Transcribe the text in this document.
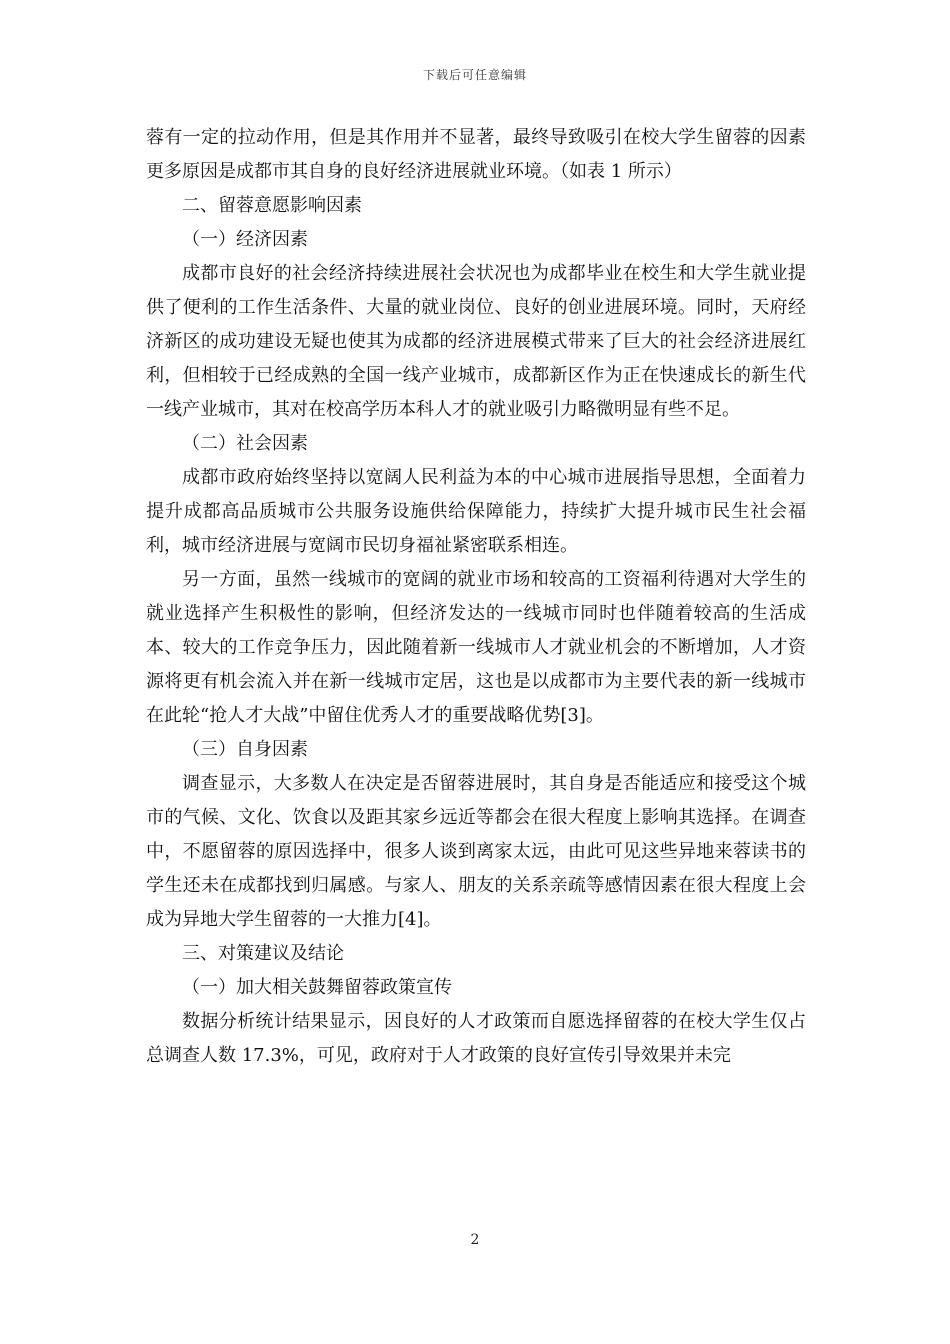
下载后可任意编辑

蓉有一定的拉动作用，但是其作用并不显著，最终导致吸引在校大学生留蓉的因素更多原因是成都市其自身的良好经济进展就业环境。（如表 1 所示）

二、留蓉意愿影响因素

（一）经济因素

成都市良好的社会经济持续进展社会状况也为成都毕业在校生和大学生就业提供了便利的工作生活条件、大量的就业岗位、良好的创业进展环境。同时，天府经济新区的成功建设无疑也使其为成都的经济进展模式带来了巨大的社会经济进展红利，但相较于已经成熟的全国一线产业城市，成都新区作为正在快速成长的新生代一线产业城市，其对在校高学历本科人才的就业吸引力略微明显有些不足。

（二）社会因素

成都市政府始终坚持以宽阔人民利益为本的中心城市进展指导思想，全面着力提升成都高品质城市公共服务设施供给保障能力，持续扩大提升城市民生社会福利，城市经济进展与宽阔市民切身福祉紧密联系相连。

另一方面，虽然一线城市的宽阔的就业市场和较高的工资福利待遇对大学生的就业选择产生积极性的影响，但经济发达的一线城市同时也伴随着较高的生活成本、较大的工作竞争压力，因此随着新一线城市人才就业机会的不断增加，人才资源将更有机会流入并在新一线城市定居，这也是以成都市为主要代表的新一线城市在此轮“抢人才大战”中留住优秀人才的重要战略优势[3]。

（三）自身因素

调查显示，大多数人在决定是否留蓉进展时，其自身是否能适应和接受这个城市的气候、文化、饮食以及距其家乡远近等都会在很大程度上影响其选择。在调查中，不愿留蓉的原因选择中，很多人谈到离家太远，由此可见这些异地来蓉读书的学生还未在成都找到归属感。与家人、朋友的关系亲疏等感情因素在很大程度上会成为异地大学生留蓉的一大推力[4]。

三、对策建议及结论

（一）加大相关鼓舞留蓉政策宣传

数据分析统计结果显示，因良好的人才政策而自愿选择留蓉的在校大学生仅占总调查人数 17.3%，可见，政府对于人才政策的良好宣传引导效果并未完

2
